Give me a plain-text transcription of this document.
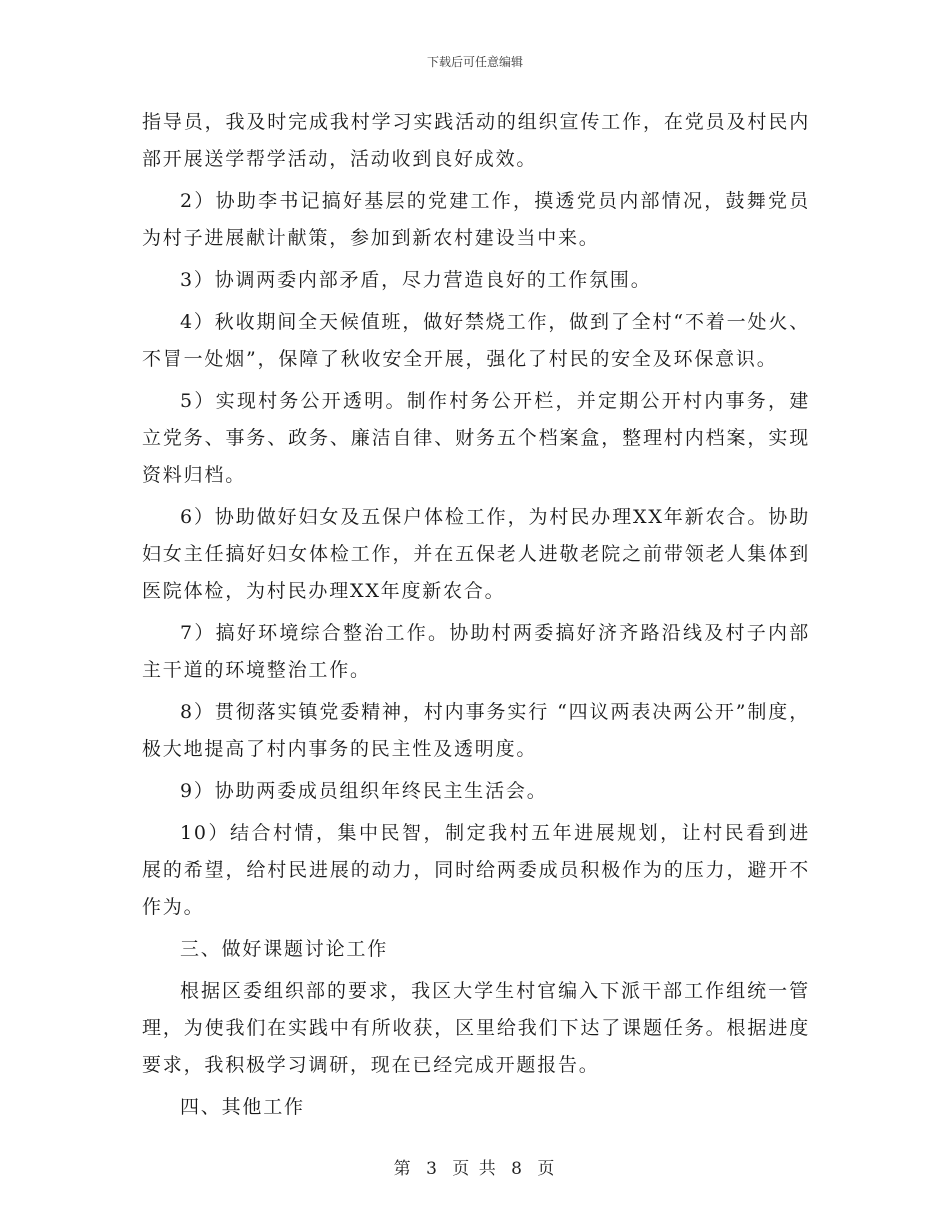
下载后可任意编辑

指导员，我及时完成我村学习实践活动的组织宣传工作，在党员及村民内部开展送学帮学活动，活动收到良好成效。

2）协助李书记搞好基层的党建工作，摸透党员内部情况，鼓舞党员为村子进展献计献策，参加到新农村建设当中来。

3）协调两委内部矛盾，尽力营造良好的工作氛围。

4）秋收期间全天候值班，做好禁烧工作，做到了全村“不着一处火、不冒一处烟”，保障了秋收安全开展，强化了村民的安全及环保意识。

5）实现村务公开透明。制作村务公开栏，并定期公开村内事务，建立党务、事务、政务、廉洁自律、财务五个档案盒，整理村内档案，实现资料归档。

6）协助做好妇女及五保户体检工作，为村民办理XX年新农合。协助妇女主任搞好妇女体检工作，并在五保老人进敬老院之前带领老人集体到医院体检，为村民办理XX年度新农合。

7）搞好环境综合整治工作。协助村两委搞好济齐路沿线及村子内部主干道的环境整治工作。

8）贯彻落实镇党委精神，村内事务实行 “四议两表决两公开”制度，极大地提高了村内事务的民主性及透明度。

9）协助两委成员组织年终民主生活会。

10）结合村情，集中民智，制定我村五年进展规划，让村民看到进展的希望，给村民进展的动力，同时给两委成员积极作为的压力，避开不作为。

三、做好课题讨论工作

根据区委组织部的要求，我区大学生村官编入下派干部工作组统一管理，为使我们在实践中有所收获，区里给我们下达了课题任务。根据进度要求，我积极学习调研，现在已经完成开题报告。

四、其他工作

第 3 页 共 8 页
